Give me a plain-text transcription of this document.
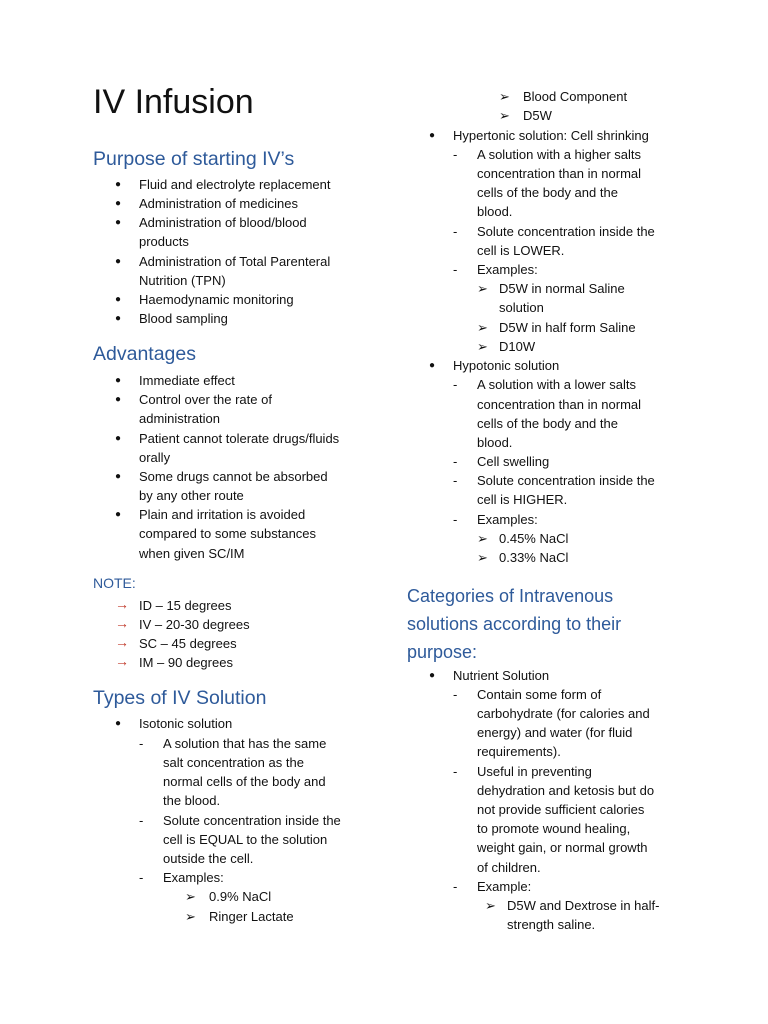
IV Infusion
Purpose of starting IV’s
● Fluid and electrolyte replacement
● Administration of medicines
● Administration of blood/blood
products
● Administration of Total Parenteral
Nutrition (TPN)
● Haemodynamic monitoring
● Blood sampling
Advantages
● Immediate effect
● Control over the rate of
administration
● Patient cannot tolerate drugs/fluids
orally
● Some drugs cannot be absorbed
by any other route
● Plain and irritation is avoided
compared to some substances
when given SC/IM
NOTE:
→ ID – 15 degrees
→ IV – 20-30 degrees
→ SC – 45 degrees
→ IM – 90 degrees
Types of IV Solution
● Isotonic solution
- A solution that has the same
salt concentration as the
normal cells of the body and
the blood.
- Solute concentration inside the
cell is EQUAL to the solution
outside the cell.
- Examples:
➢ 0.9% NaCl
➢ Ringer Lactate
➢ Blood Component
➢ D5W
● Hypertonic solution: Cell shrinking
- A solution with a higher salts
concentration than in normal
cells of the body and the
blood.
- Solute concentration inside the
cell is LOWER.
- Examples:
➢ D5W in normal Saline
solution
➢ D5W in half form Saline
➢ D10W
● Hypotonic solution
- A solution with a lower salts
concentration than in normal
cells of the body and the
blood.
- Cell swelling
- Solute concentration inside the
cell is HIGHER.
- Examples:
➢ 0.45% NaCl
➢ 0.33% NaCl
Categories of Intravenous
solutions according to their
purpose:
● Nutrient Solution
- Contain some form of
carbohydrate (for calories and
energy) and water (for fluid
requirements).
- Useful in preventing
dehydration and ketosis but do
not provide sufficient calories
to promote wound healing,
weight gain, or normal growth
of children.
- Example:
➢ D5W and Dextrose in half-
strength saline.
